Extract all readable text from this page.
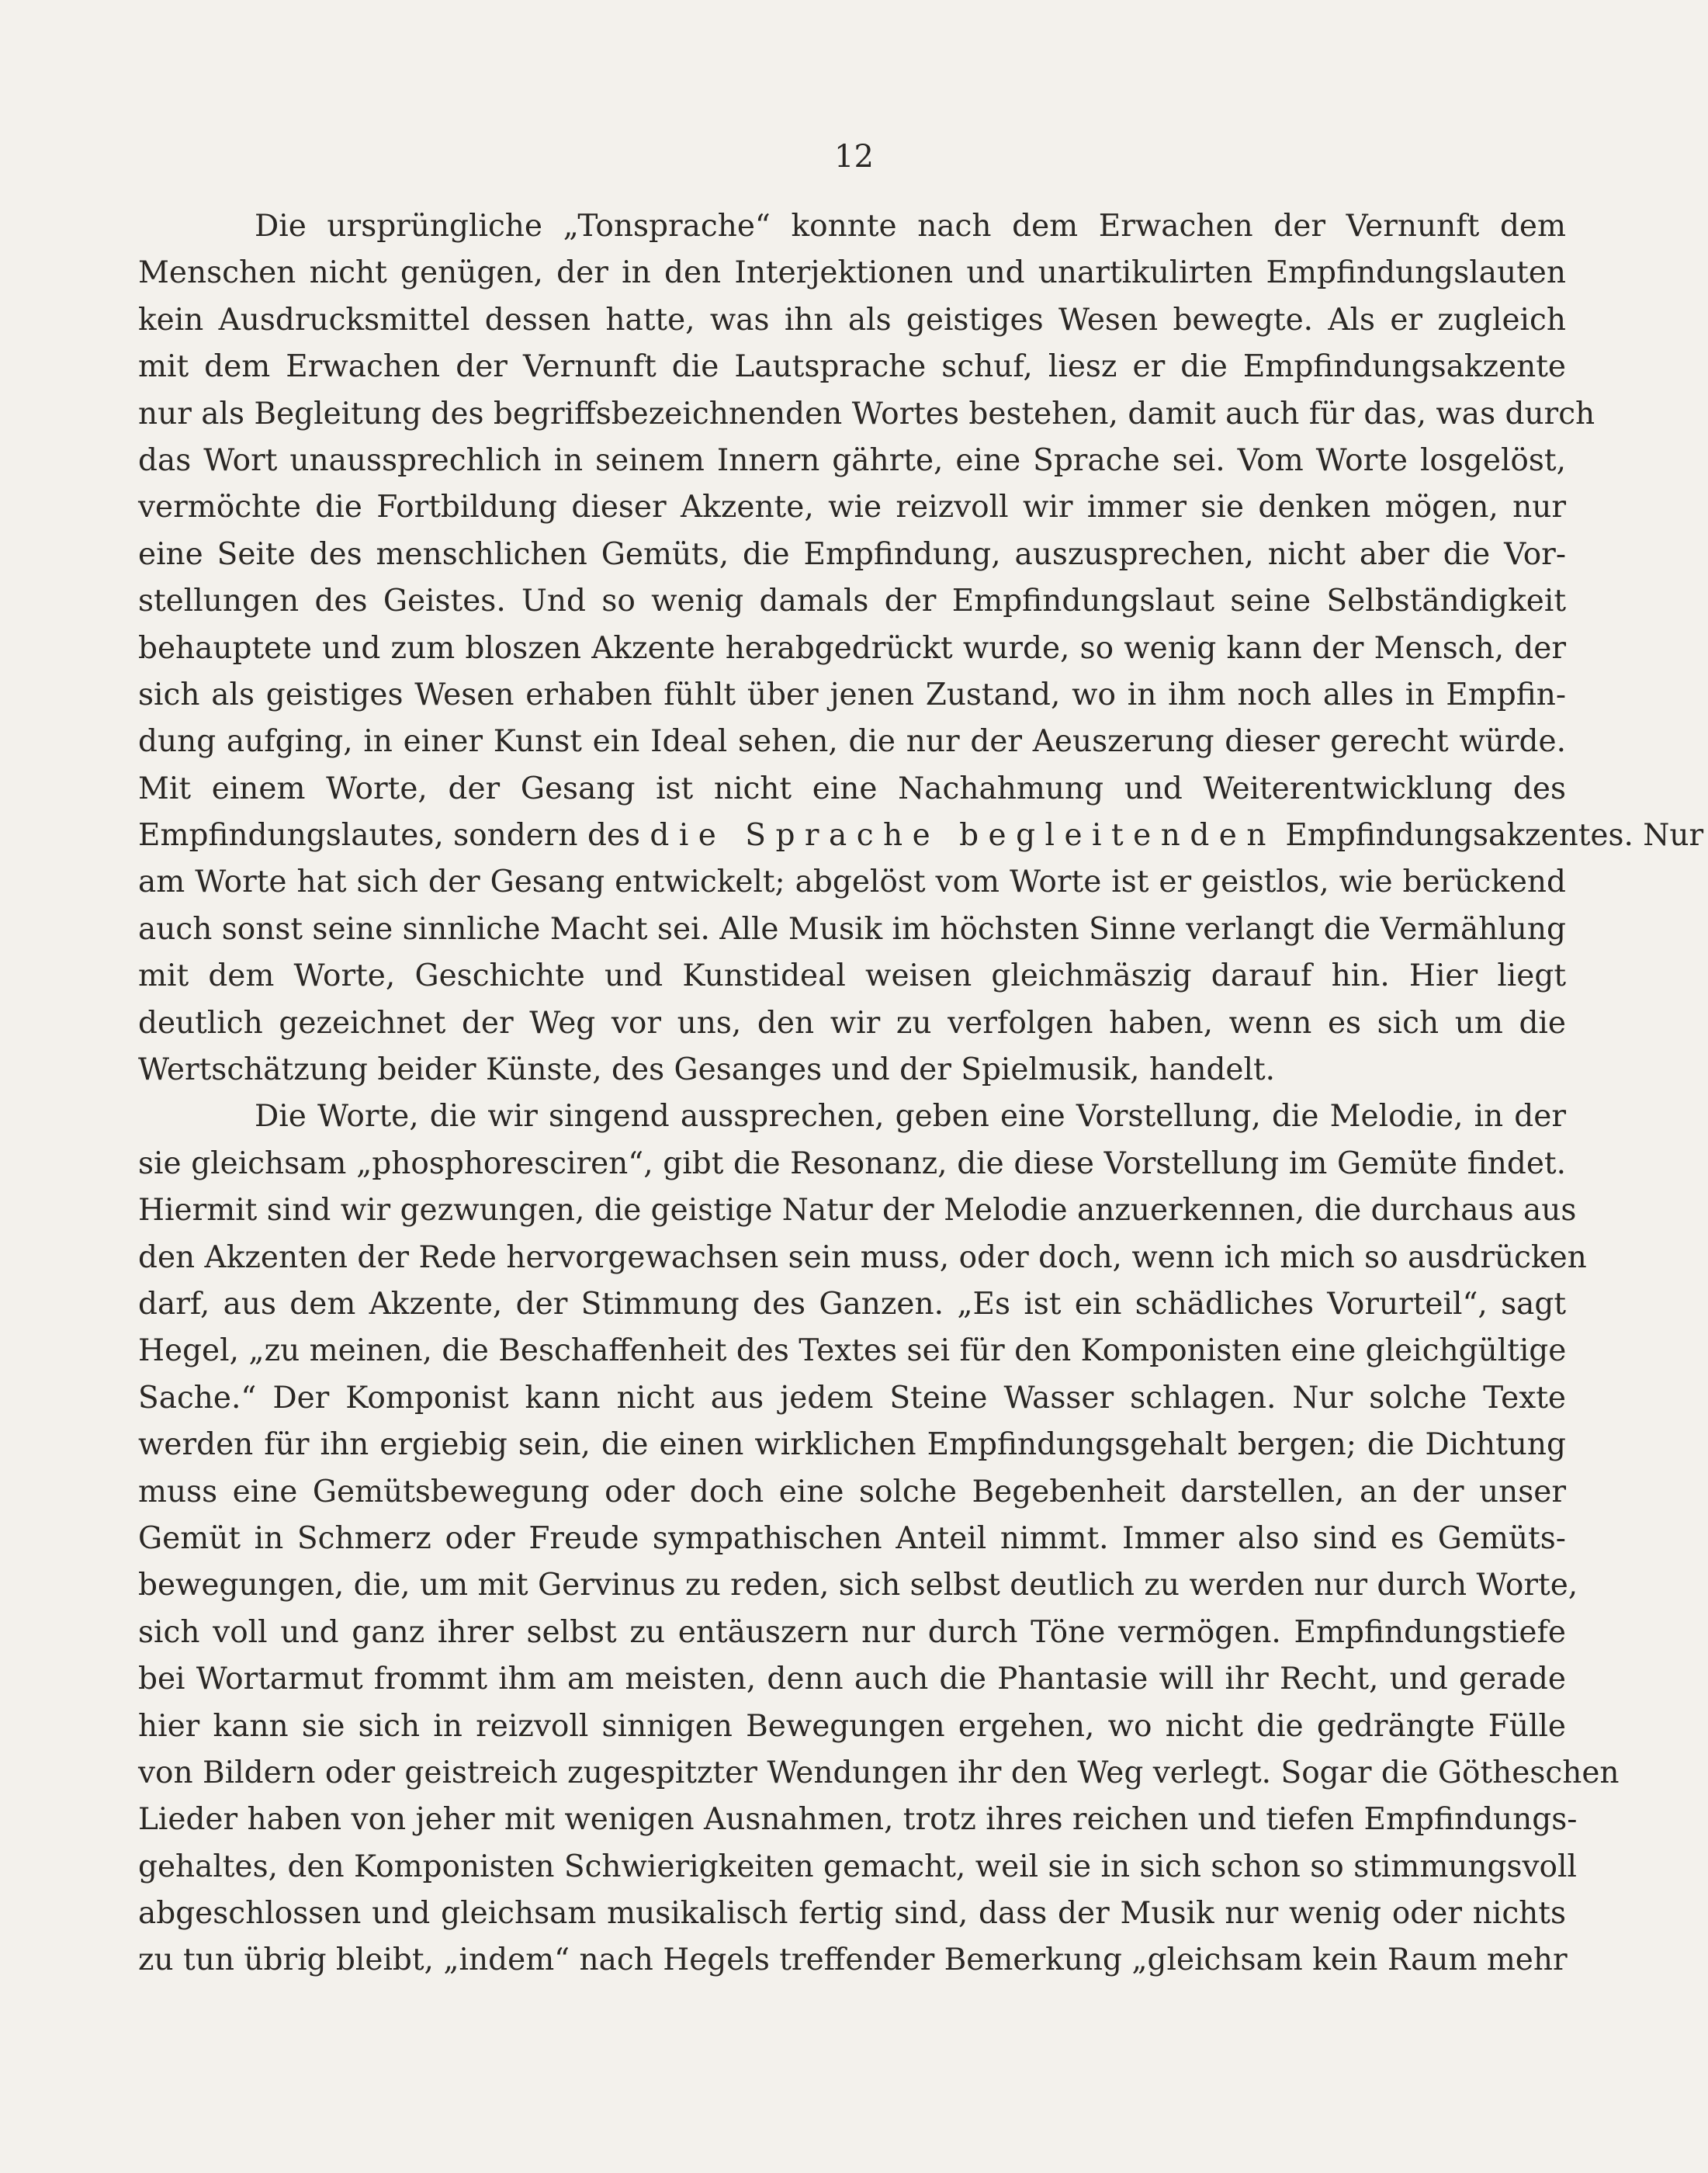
12
Die ursprüngliche „Tonsprache“ konnte nach dem Erwachen der Vernunft dem
Menschen nicht genügen, der in den Interjektionen und unartikulirten Empfindungslauten
kein Ausdrucksmittel dessen hatte, was ihn als geistiges Wesen bewegte. Als er zugleich
mit dem Erwachen der Vernunft die Lautsprache schuf, liesz er die Empfindungsakzente
nur als Begleitung des begriffsbezeichnenden Wortes bestehen, damit auch für das, was durch
das Wort unaussprechlich in seinem Innern gährte, eine Sprache sei. Vom Worte losgelöst,
vermöchte die Fortbildung dieser Akzente, wie reizvoll wir immer sie denken mögen, nur
eine Seite des menschlichen Gemüts, die Empfindung, auszusprechen, nicht aber die Vor-
stellungen des Geistes. Und so wenig damals der Empfindungslaut seine Selbständigkeit
behauptete und zum bloszen Akzente herabgedrückt wurde, so wenig kann der Mensch, der
sich als geistiges Wesen erhaben fühlt über jenen Zustand, wo in ihm noch alles in Empfin-
dung aufging, in einer Kunst ein Ideal sehen, die nur der Aeuszerung dieser gerecht würde.
Mit einem Worte, der Gesang ist nicht eine Nachahmung und Weiterentwicklung des
Empfindungslautes, sondern des die Sprache begleitenden Empfindungsakzentes. Nur
am Worte hat sich der Gesang entwickelt; abgelöst vom Worte ist er geistlos, wie berückend
auch sonst seine sinnliche Macht sei. Alle Musik im höchsten Sinne verlangt die Vermählung
mit dem Worte, Geschichte und Kunstideal weisen gleichmäszig darauf hin. Hier liegt
deutlich gezeichnet der Weg vor uns, den wir zu verfolgen haben, wenn es sich um die
Wertschätzung beider Künste, des Gesanges und der Spielmusik, handelt.
Die Worte, die wir singend aussprechen, geben eine Vorstellung, die Melodie, in der
sie gleichsam „phosphoresciren“, gibt die Resonanz, die diese Vorstellung im Gemüte findet.
Hiermit sind wir gezwungen, die geistige Natur der Melodie anzuerkennen, die durchaus aus
den Akzenten der Rede hervorgewachsen sein muss, oder doch, wenn ich mich so ausdrücken
darf, aus dem Akzente, der Stimmung des Ganzen. „Es ist ein schädliches Vorurteil“, sagt
Hegel, „zu meinen, die Beschaffenheit des Textes sei für den Komponisten eine gleichgültige
Sache.“ Der Komponist kann nicht aus jedem Steine Wasser schlagen. Nur solche Texte
werden für ihn ergiebig sein, die einen wirklichen Empfindungsgehalt bergen; die Dichtung
muss eine Gemütsbewegung oder doch eine solche Begebenheit darstellen, an der unser
Gemüt in Schmerz oder Freude sympathischen Anteil nimmt. Immer also sind es Gemüts-
bewegungen, die, um mit Gervinus zu reden, sich selbst deutlich zu werden nur durch Worte,
sich voll und ganz ihrer selbst zu entäuszern nur durch Töne vermögen. Empfindungstiefe
bei Wortarmut frommt ihm am meisten, denn auch die Phantasie will ihr Recht, und gerade
hier kann sie sich in reizvoll sinnigen Bewegungen ergehen, wo nicht die gedrängte Fülle
von Bildern oder geistreich zugespitzter Wendungen ihr den Weg verlegt. Sogar die Götheschen
Lieder haben von jeher mit wenigen Ausnahmen, trotz ihres reichen und tiefen Empfindungs-
gehaltes, den Komponisten Schwierigkeiten gemacht, weil sie in sich schon so stimmungsvoll
abgeschlossen und gleichsam musikalisch fertig sind, dass der Musik nur wenig oder nichts
zu tun übrig bleibt, „indem“ nach Hegels treffender Bemerkung „gleichsam kein Raum mehr
